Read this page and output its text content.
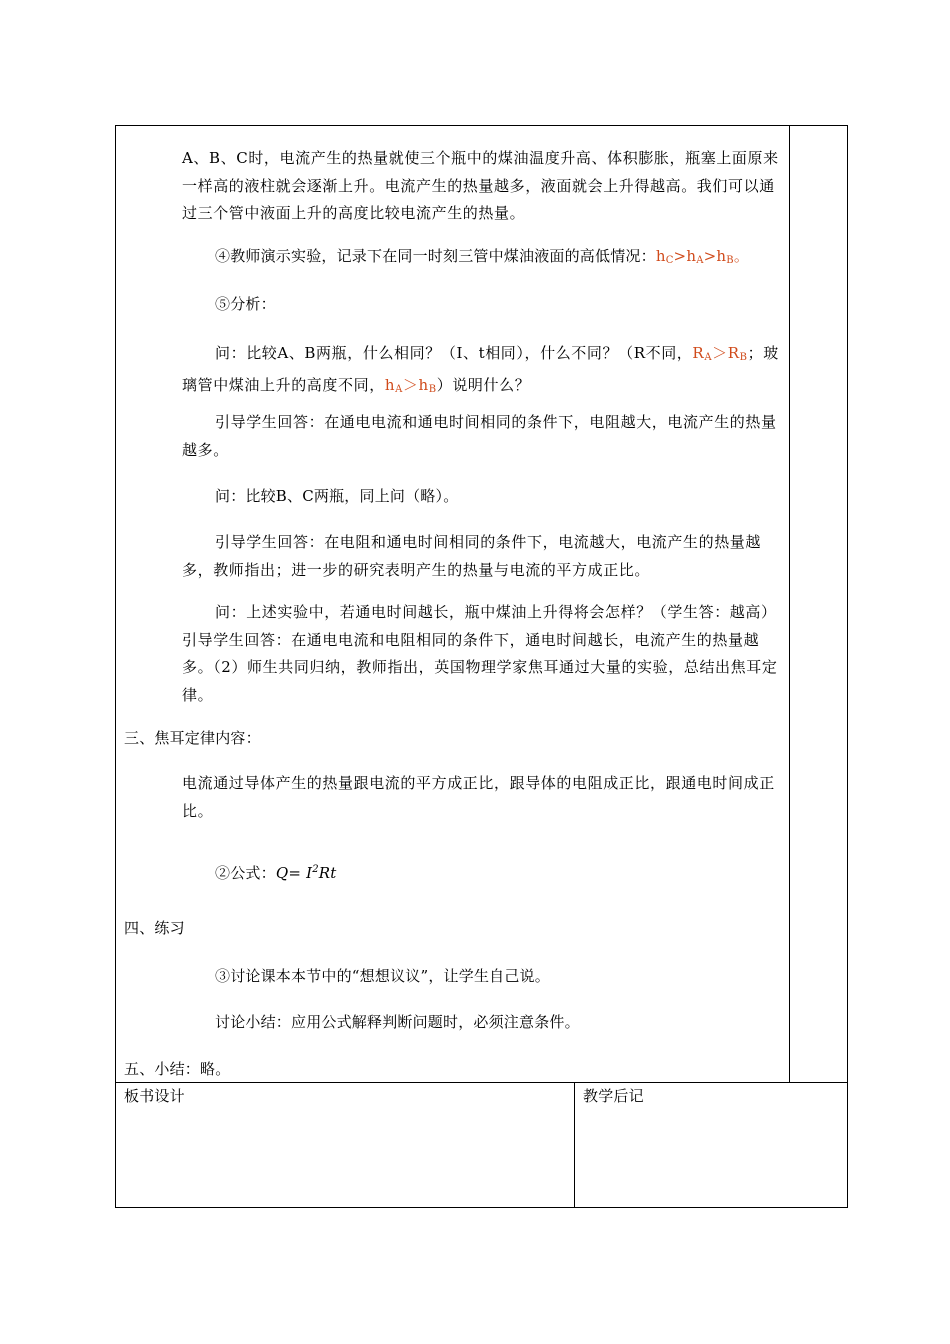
A、B、C时，电流产生的热量就使三个瓶中的煤油温度升高、体积膨胀，瓶塞上面原来一样高的液柱就会逐渐上升。电流产生的热量越多，液面就会上升得越高。我们可以通过三个管中液面上升的高度比较电流产生的热量。
④教师演示实验，记录下在同一时刻三管中煤油液面的高低情况：$h_C>h_A>h_B$。
⑤分析：
问：比较A、B两瓶，什么相同？（I、t相同），什么不同？（R不同，$R_A>R_B$；玻璃管中煤油上升的高度不同，$h_A>h_B$）说明什么？
引导学生回答：在通电电流和通电时间相同的条件下，电阻越大，电流产生的热量越多。
问：比较B、C两瓶，同上问（略）。
引导学生回答：在电阻和通电时间相同的条件下，电流越大，电流产生的热量越多，教师指出；进一步的研究表明产生的热量与电流的平方成正比。
问：上述实验中，若通电时间越长，瓶中煤油上升得将会怎样？（学生答：越高）引导学生回答：在通电电流和电阻相同的条件下，通电时间越长，电流产生的热量越多。（2）师生共同归纳，教师指出，英国物理学家焦耳通过大量的实验，总结出焦耳定律。
三、焦耳定律内容：
电流通过导体产生的热量跟电流的平方成正比，跟导体的电阻成正比，跟通电时间成正比。
②公式：$Q= I^2Rt$
四、练习
③讨论课本本节中的“想想议议”，让学生自己说。
讨论小结：应用公式解释判断问题时，必须注意条件。
五、小结：略。
板书设计	教学后记
